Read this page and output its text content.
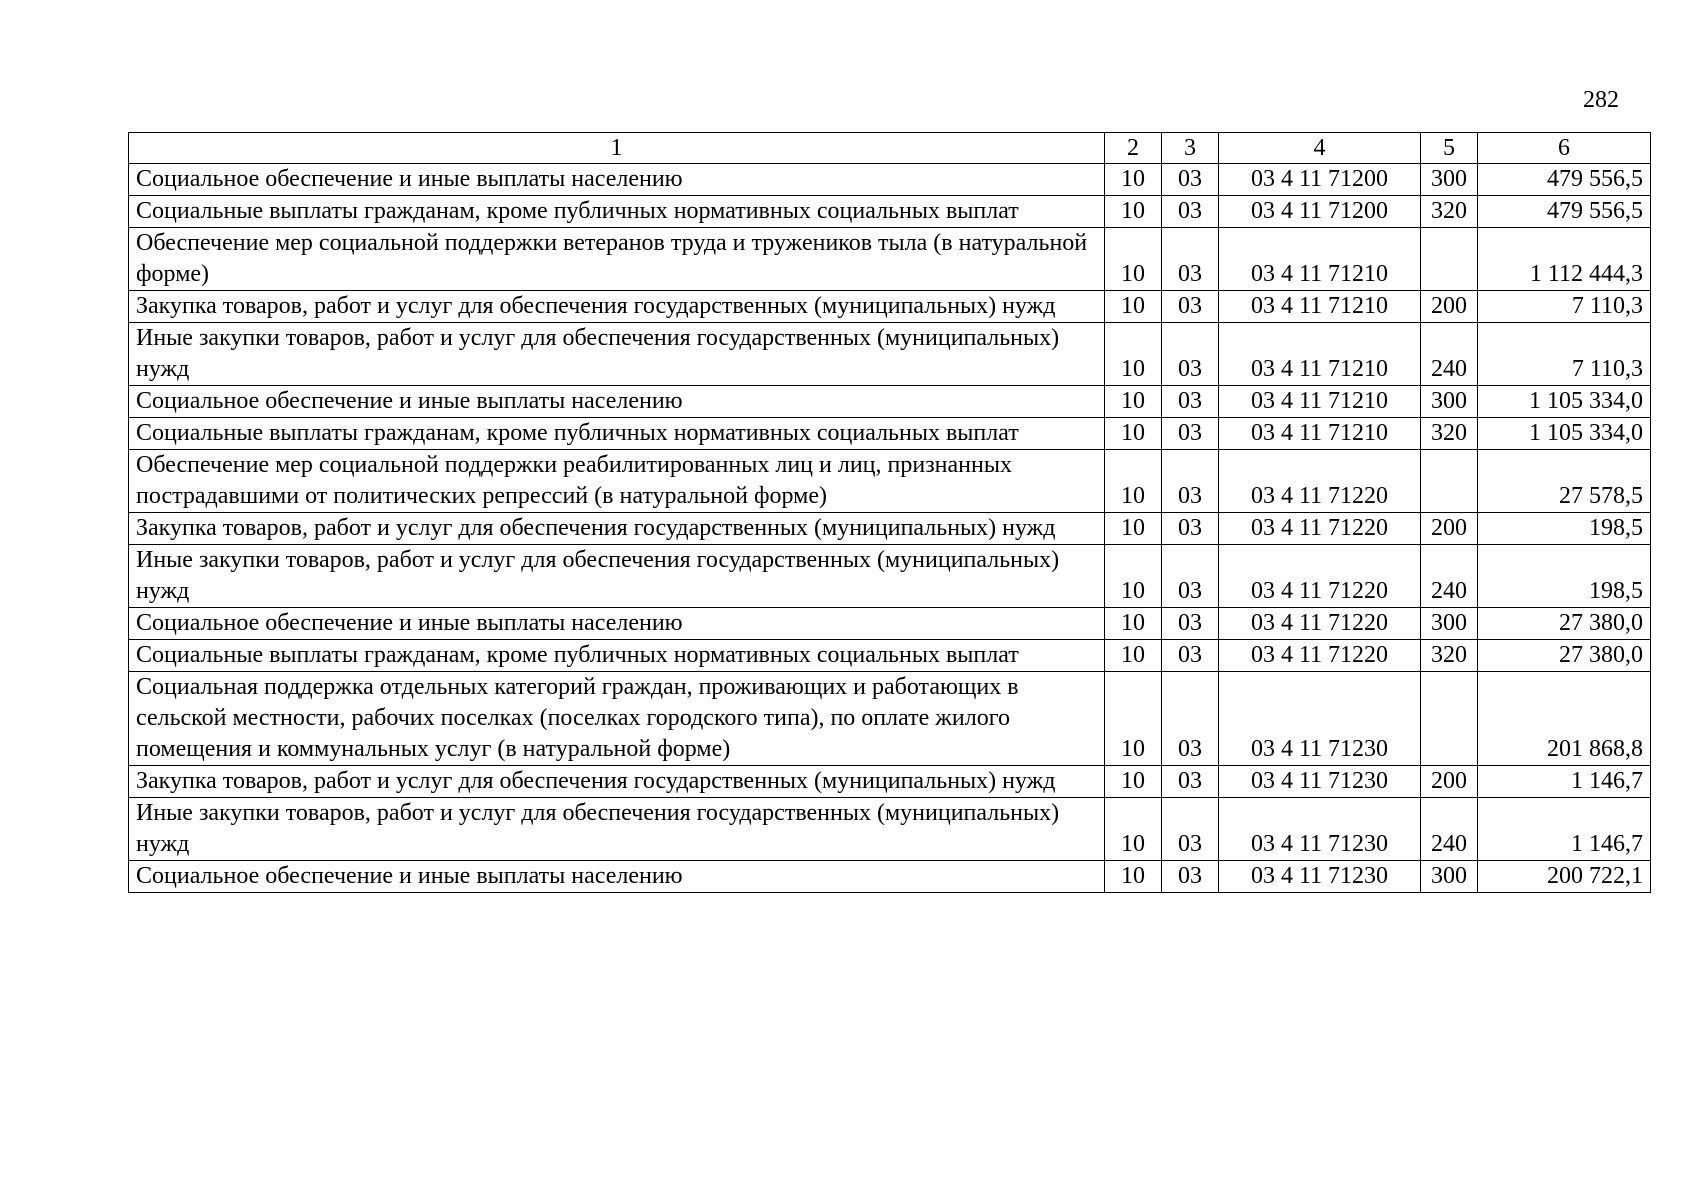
282
1	2	3	4	5	6
Социальное обеспечение и иные выплаты населению	10	03	03 4 11 71200	300	479 556,5
Социальные выплаты гражданам, кроме публичных нормативных социальных выплат	10	03	03 4 11 71200	320	479 556,5
Обеспечение мер социальной поддержки ветеранов труда и тружеников тыла (в натуральной форме)	10	03	03 4 11 71210		1 112 444,3
Закупка товаров, работ и услуг для обеспечения государственных (муниципальных) нужд	10	03	03 4 11 71210	200	7 110,3
Иные закупки товаров, работ и услуг для обеспечения государственных (муниципальных) нужд	10	03	03 4 11 71210	240	7 110,3
Социальное обеспечение и иные выплаты населению	10	03	03 4 11 71210	300	1 105 334,0
Социальные выплаты гражданам, кроме публичных нормативных социальных выплат	10	03	03 4 11 71210	320	1 105 334,0
Обеспечение мер социальной поддержки реабилитированных лиц и лиц, признанных пострадавшими от политических репрессий (в натуральной форме)	10	03	03 4 11 71220		27 578,5
Закупка товаров, работ и услуг для обеспечения государственных (муниципальных) нужд	10	03	03 4 11 71220	200	198,5
Иные закупки товаров, работ и услуг для обеспечения государственных (муниципальных) нужд	10	03	03 4 11 71220	240	198,5
Социальное обеспечение и иные выплаты населению	10	03	03 4 11 71220	300	27 380,0
Социальные выплаты гражданам, кроме публичных нормативных социальных выплат	10	03	03 4 11 71220	320	27 380,0
Социальная поддержка отдельных категорий граждан, проживающих и работающих в сельской местности, рабочих поселках (поселках городского типа), по оплате жилого помещения и коммунальных услуг (в натуральной форме)	10	03	03 4 11 71230		201 868,8
Закупка товаров, работ и услуг для обеспечения государственных (муниципальных) нужд	10	03	03 4 11 71230	200	1 146,7
Иные закупки товаров, работ и услуг для обеспечения государственных (муниципальных) нужд	10	03	03 4 11 71230	240	1 146,7
Социальное обеспечение и иные выплаты населению	10	03	03 4 11 71230	300	200 722,1
